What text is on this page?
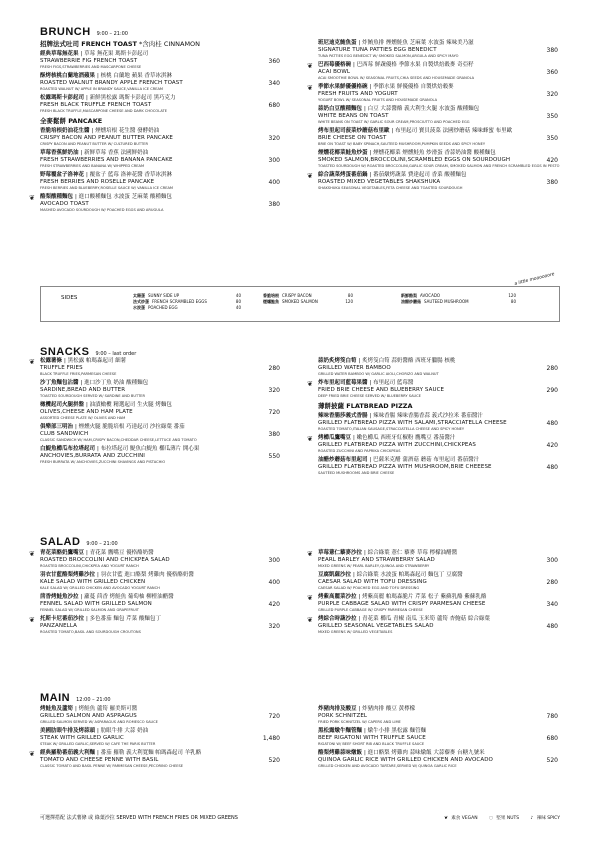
BRUNCH 9:00 – 21:00
招牌法式吐司 FRENCH TOAST *含肉桂 CINNAMON
經典草莓無花果 | 草莓 無花果 瑪斯卡彭起司
STRAWBERRIE FIG FRENCH TOAST
FRESH FIGS,STRAWBERRIES AND MASCARPONE CHEESE
360
酥烤核桃白蘭地酒蘋果 | 核桃 白蘭地 蘋果 香草冰淇淋
ROASTED WALNUT BRANDY APPLE FRENCH TOAST
ROASTED WALNUT W/ APPLE IN BRANDY SAUCE,VANILLA ICE CREAM
340
松露瑪斯卡彭起司 | 新鮮黑松露 瑪斯卡彭起司 黑巧克力
FRESH BLACK TRUFFLE FRENCH TOAST
FRESH BLACK TRUFFLE,MASCARPONE CHEESE AND DARK CHOCOLATE
680
全麥鬆餅 PANCAKE
香脆培根奶油花生醬 | 煙燻培根 花生醬 發酵奶油
CRISPY BACON AND PEANUT BUTTER PANCAKE
CRISPY BACON AND PEANUT BUTTER W/ CULTURED BUTTER
320
草莓香蕉鮮奶油 | 新鮮草莓 香蕉 法國鮮奶油
FRESH STRAWBERRIES AND BANANA PANCAKE
FRESH STRAWBERRIES AND BANANA W/ WHIPPED CREAM
300
野莓覆盆子洛神花 | 覆盆子 藍莓 洛神花醬 香草冰淇淋
FRESH BERRIES AND ROSELLE PANCAKE
FRESH BERRIES AND BLUEBERRY,ROSELLE SAUCE W/ VANILLA ICE CREAM
400
❦ 酪梨酸種麵包 | 進口酸種麵包 水波蛋 芝麻葉 酸種麵包
AVOCADO TOAST
MASHED AVOCADO SOURDOUGH W/ POACHED EGGS AND ARUGULA
380
班尼迪克鮪魚蛋 | 炸鮪魚排 煙燻鮭魚 芝麻葉 水波蛋 辣味美乃滋
SIGNATURE TUNA PATTIES EGG BENEDICT
TUNA PATTIES EGG BENEDICT W/ SMOKED SALMON,ARGULA AND SPICY MAYO
380
❦ 巴西莓優格碗 | 巴西莓 鮮蔬優格 季節水果 自製烘焙穀麥 奇亞籽
ACAI BOWL
ACAI SMOOTHIE BOWL W/ SEASONAL FRUITS,CHIA SEEDS AND HOUSEMADE GRANOLA
360
❦ 季節水果鮮優優格碗 | 季節水果 鮮優優格 自製烘焙穀麥
FRESH FRUITS AND YOGURT
YOGURT BOWL W/ SEASONAL FRUITS AND HOUSEMADE GRANOLA
320
蒜奶白豆酸種麵包 | 白豆 大蒜醬酪 義大利生火腿 水波蛋 酸種麵包
WHITE BEANS ON TOAST
WHITE BEANS ON TOAST W/ GARLIC SOUR CREAM,PROSCIUTTO AND POACHED EGG
350
烤布里起司菠菜炒蘑菇布里歐 | 布里起司 寶貝菠菜 法國炒蘑菇 辣味蜂蜜 布里歐
BRIE CHEESE ON TOAST
BRIE ON TOAST W/ BABY SPINACH,SAUTEED MUSHROOM,PUMPKIN SEEDS AND SPICY HONEY
350
煙燻花椰菜鮭魚炒蛋 | 煙燻花椰菜 煙燻鮭魚 炒滑蛋 香蒜奶油醬 酸種麵包
SMOKED SALMON,BROCCOLINI,SCRAMBLED EGGS ON SOURDOUGH
TOASTED SOURDOUGH W/ ROASTED BROCCOLINI,GARLIC SOUR CREAM, SMOKED SALMON AND FRENCH SCRAMBLED EGGS IN PESTO
420
❦ 綜合蔬菜烤蛋番茄鍋 | 番茄燉烤蔬菜 費達起司 香菜 酸種麵包
ROASTED MIXED VEGETABLES SHAKSHUKA
SHAKSHUKA SEASONAL VEGETABLES,FETA CHEESE AND TOASTED SOURDOUGH
380
a little moooooore
SIDES	太陽蛋 SUNNY SIDE UP	40
法式炒蛋 FRENCH SCRAMBLED EGGS	80
水波蛋 POACHED EGG	40
香脆培根 CRISPY BACON	80
煙燻鮭魚 SMOKED SALMON	120
新鮮酪梨 AVOCADO	120
油醋炒蘑菇 SAUTEED MUSHROOM	80
SNACKS 9:00 – last order
❦ 松露薯條 | 黑松露 帕瑪森起司 細薯
TRUFFLE FRIES
BLACK TRUFFLE FRIES,PARMESAN CHEESE
280
沙丁魚麵包沾醬 | 進口沙丁魚 奶油 酸種麵包
SARDINE,BREAD AND BUTTER
TOASTED SOURDOUGH SERVED W/ SARDINE AND BUTTER
320
橄欖起司火腿拼盤 | 油漬橄欖 精選起司 生火腿 烤麵包
OLIVES,CHEESE AND HAM PLATE
ASSORTED CHEESE PLATE W/ OLIVES AND HAM
720
俱樂部三明治 | 煙燻火腿 脆脆培根 巧達起司 沙拉綠葉 番茄
CLUB SANDWICH
CLASSIC SANDWICH W/ HAM,CRISPY BACON,CHEDDAR CHEESE,LETTUCE AND TOMATO
380
白鯷魚櫛瓜布拉塔起司 | 布拉塔起司 鯷魚白鯷魚 櫛瓜薄片 開心果
ANCHOVIES,BURRATA AND ZUCCHINI
FRESH BURRATA W/ ANCHOVIES,ZUCCHINI SHAVINGS AND PISTACHIO
550
蒜奶炙烤筊白筍 | 炙烤筊白筍 蒜奶醬酪 西班牙臘腸 核桃
GRILLED WATER BAMBOO
GRILLED WATER BAMBOO W/ GARLIC AIOLI,CHORIZO AND WALNUT
280
❦ 炸布里起司藍莓果醬 | 布里起司 藍莓醬
FRIED BRIE CHEESE AND BLUEBERRY SAUCE
DEEP FRIED BRIE CHEESE SERVED W/ BLUEBERRY SAUCE
290
薄餅披薩 FLATBREAD PIZZA
辣味香腸莎義式香腸 | 辣味香腸 辣味香腸香蒜 義式沙拉米 番茄醬汁
GRILLED FLATBREAD PIZZA WITH SALAMI,STRACCIATELLA CHEESE
ROASTED TOMATO,ITALIAN SAUSAGE,STRACCIATELLA CHEESE AND SPICY HONEY
480
❦ 烤櫛瓜鷹嘴豆 | 嫩色櫛瓜 西班牙紅椒粉 鷹嘴豆 番茄醬汁
GRILLED FLATBREAD PIZZA WITH ZUCCHINI,CHICKPEAS
ROASTED ZUCCHINI AND PAPRIKA CHICKPEAS
420
油醋炒蘑菇布里起司 | 巴薩米克醋 蒲酒菇 蘑菇 布里起司 番茄醬汁
GRILLED FLATBREAD PIZZA WITH MUSHROOM,BRIE CHEEESE
SAUTÉED MUSHROOMS AND BRIE CHEESE
480
SALAD 9:00 – 21:00
❦ 青花菜酪奶鷹嘴豆 | 青花菜 鷹嘴豆 優格酪奶醬
ROASTED BROCCOLINI AND CHICKPEA SALAD
ROASTED BROCCOLINI,CHICKPEA AND YOGURT RANCH
300
羽衣甘藍酪梨烤雞沙拉 | 羽衣甘藍 進口酪梨 烤雞肉 優格酪奶醬
KALE SALAD WITH GRILLED CHICKEN
KALE SALAD W/ GRILLED CHICKEN AND AVOCADO YOGURT RANCH
400
茴香烤鮭魚沙拉 | 蘿蔓 茴香 烤鮭魚 葡萄柚 柳橙油醋醬
FENNEL SALAD WITH GRILLED SALMON
FENNEL SALAD W/ GRILLED SALMON AND GRAPEFRUIT
420
❦ 托斯卡尼番茄沙拉 | 多色番茄 麵包 芹菜 酸麵包丁
PANZANELLA
ROASTED TOMATO,BASIL AND SOURDOUGH CROUTONS
320
❦ 草莓薏仁藜麥沙拉 | 綜合綠葉 薏仁 藜麥 草莓 檸檬油醋醬
PEARL BARLEY AND STRAWBERRY SALAD
MIXED GREENS W/ PEARL BARLEY,QUINOA AND STRAWBERRY
300
豆腐凱薩沙拉 | 綜合綠葉 水波蛋 帕瑪森起司 麵包丁 豆腐醬
CAESAR SALAD WITH TOFU DRESSING
CAESAR SALAD W/ POACHED EGG AND TOFU DRESSING
280
❦ 烤紫高麗菜沙拉 | 烤紫高麗 帕瑪森脆片 芹菜 松子 紫蘇乳酪 紫蘇乳酪
PURPLE CABBAGE SALAD WITH CRISPY PARMESAN CHEESE
GRILLED PURPLE CABBAGE W/ CRISPY PARMESAN CHEESE
340
❦ 烤綜合時蔬沙拉 | 青花菜 櫛瓜 青椒 南瓜 玉米筍 蘆筍 杏鮑菇 綜合綠葉
GRILLED SEASONAL VEGETABLES SALAD
MIXED GREENS W/ GRILLED VEGETABLES
480
MAIN 12:00 – 21:00
烤鮭魚及蘆筍 | 烤鮭魚 蘆筍 羅美斯可醬
GRILLED SALMON AND ASPRAGUS
GRILLED SALMON SERVED W/ ASPARAGUS AND ROMESCO SAUCE
720
美國肋眼牛排及烤蒜頭 | 肋眼牛排 大蒜 奶油
STEAK WITH GRILLED GARLIC
STEAK W/ GRILLED GARLIC,SERVED W/ CAFE THE PARIS BUTTER
1,480
❦ 經典羅勒番茄義大利麵 | 番茄 羅勒 義大利寬麵 帕瑪森起司 羊乳酪
TOMATO AND CHEESE PENNE WITH BASIL
CLASSIC TOMATO AND BASIL PENNE W/ PARMESAN CHEESE,PECORINO CHEESE
520
炸豬肉排及酸豆 | 炸豬肉排 酸豆 黃檸檬
PORK SCHNITZEL
FRIED PORK SCHNITZEL W/ CAPERS AND LIME
780
黑松露燉牛麵管麵 | 燉牛小排 黑松露 麵管麵
BEEF RIGATONI WITH TRUFFLE SAUCE
RIGATONI W/ BEEF SHORT RIB AND BLACK TRUFFLE SAUCE
680
酪梨烤雞蒜味燉飯 | 進口酪梨 烤雞肉 蒜味燉飯 大蒜藜麥 台糖九號米
QUINOA GARLIC RICE WITH GRILLED CHICKEN AND AVOCADO
GRILLED CHICKEN AND AVOCADO TARTARE,SERVED W/ QUINOA GARLIC RICE
520
可選擇搭配 法式薯條 或 綠葉沙拉 SERVED WITH FRENCH FRIES OR MIXED GREENS	❦ 素食 VEGAN	◌ 堅果 NUTS	♪ 辣味 SPICY
